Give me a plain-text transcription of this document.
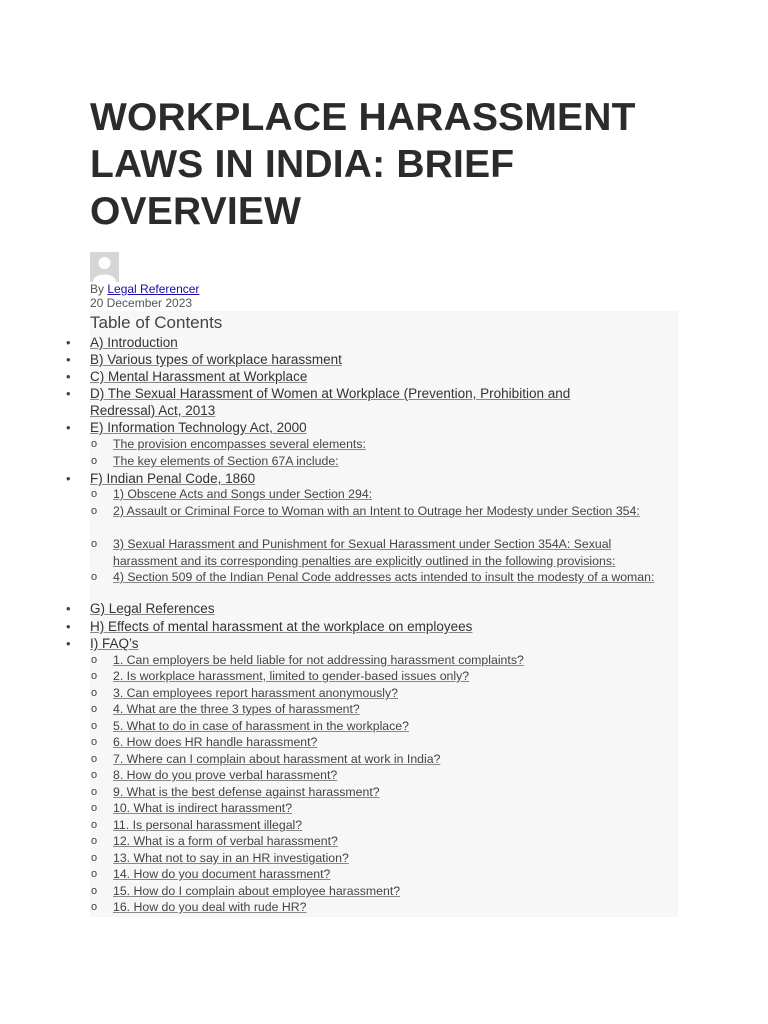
WORKPLACE HARASSMENT LAWS IN INDIA: BRIEF OVERVIEW
By Legal Referencer
20 December 2023
Table of Contents
• A) Introduction
• B) Various types of workplace harassment
• C) Mental Harassment at Workplace
• D) The Sexual Harassment of Women at Workplace (Prevention, Prohibition and Redressal) Act, 2013
• E) Information Technology Act, 2000
o The provision encompasses several elements:
o The key elements of Section 67A include:
• F) Indian Penal Code, 1860
o 1) Obscene Acts and Songs under Section 294:
o 2) Assault or Criminal Force to Woman with an Intent to Outrage her Modesty under Section 354:
o 3) Sexual Harassment and Punishment for Sexual Harassment under Section 354A: Sexual harassment and its corresponding penalties are explicitly outlined in the following provisions:
o 4) Section 509 of the Indian Penal Code addresses acts intended to insult the modesty of a woman:
• G) Legal References
• H) Effects of mental harassment at the workplace on employees
• I) FAQ’s
o 1. Can employers be held liable for not addressing harassment complaints?
o 2. Is workplace harassment, limited to gender-based issues only?
o 3. Can employees report harassment anonymously?
o 4. What are the three 3 types of harassment?
o 5. What to do in case of harassment in the workplace?
o 6. How does HR handle harassment?
o 7. Where can I complain about harassment at work in India?
o 8. How do you prove verbal harassment?
o 9. What is the best defense against harassment?
o 10. What is indirect harassment?
o 11. Is personal harassment illegal?
o 12. What is a form of verbal harassment?
o 13. What not to say in an HR investigation?
o 14. How do you document harassment?
o 15. How do I complain about employee harassment?
o 16. How do you deal with rude HR?
